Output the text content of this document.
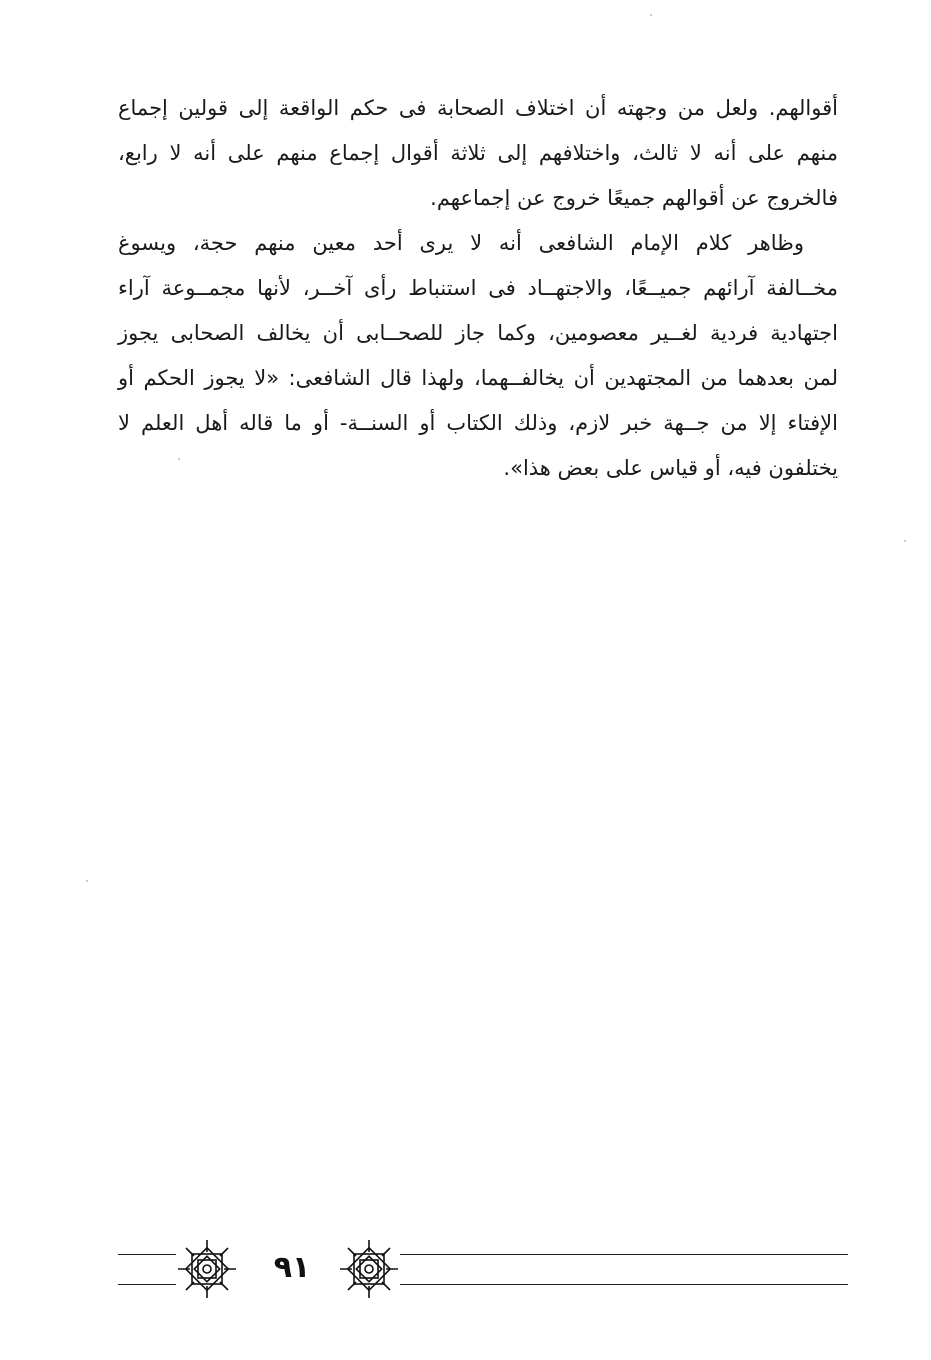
أقوالهم. ولعل من وجهته أن اختلاف الصحابة فى حكم الواقعة إلى قولين إجماع
منهم على أنه لا ثالث، واختلافهم إلى ثلاثة أقوال إجماع منهم على أنه لا رابع،
فالخروج عن أقوالهم جميعًا خروج عن إجماعهم.

وظاهر كلام الإمام الشافعى أنه لا يرى أحد معين منهم حجة، ويسوغ
مخــالفة آرائهم جميــعًا، والاجتهــاد فى استنباط رأى آخــر، لأنها مجمــوعة آراء
اجتهادية فردية لغــير معصومين، وكما جاز للصحــابى أن يخالف الصحابى يجوز
لمن بعدهما من المجتهدين أن يخالفــهما، ولهذا قال الشافعى: «لا يجوز الحكم أو
الإفتاء إلا من جــهة خبر لازم، وذلك الكتاب أو السنــة- أو ما قاله أهل العلم لا
يختلفون فيه، أو قياس على بعض هذا».

٩١
